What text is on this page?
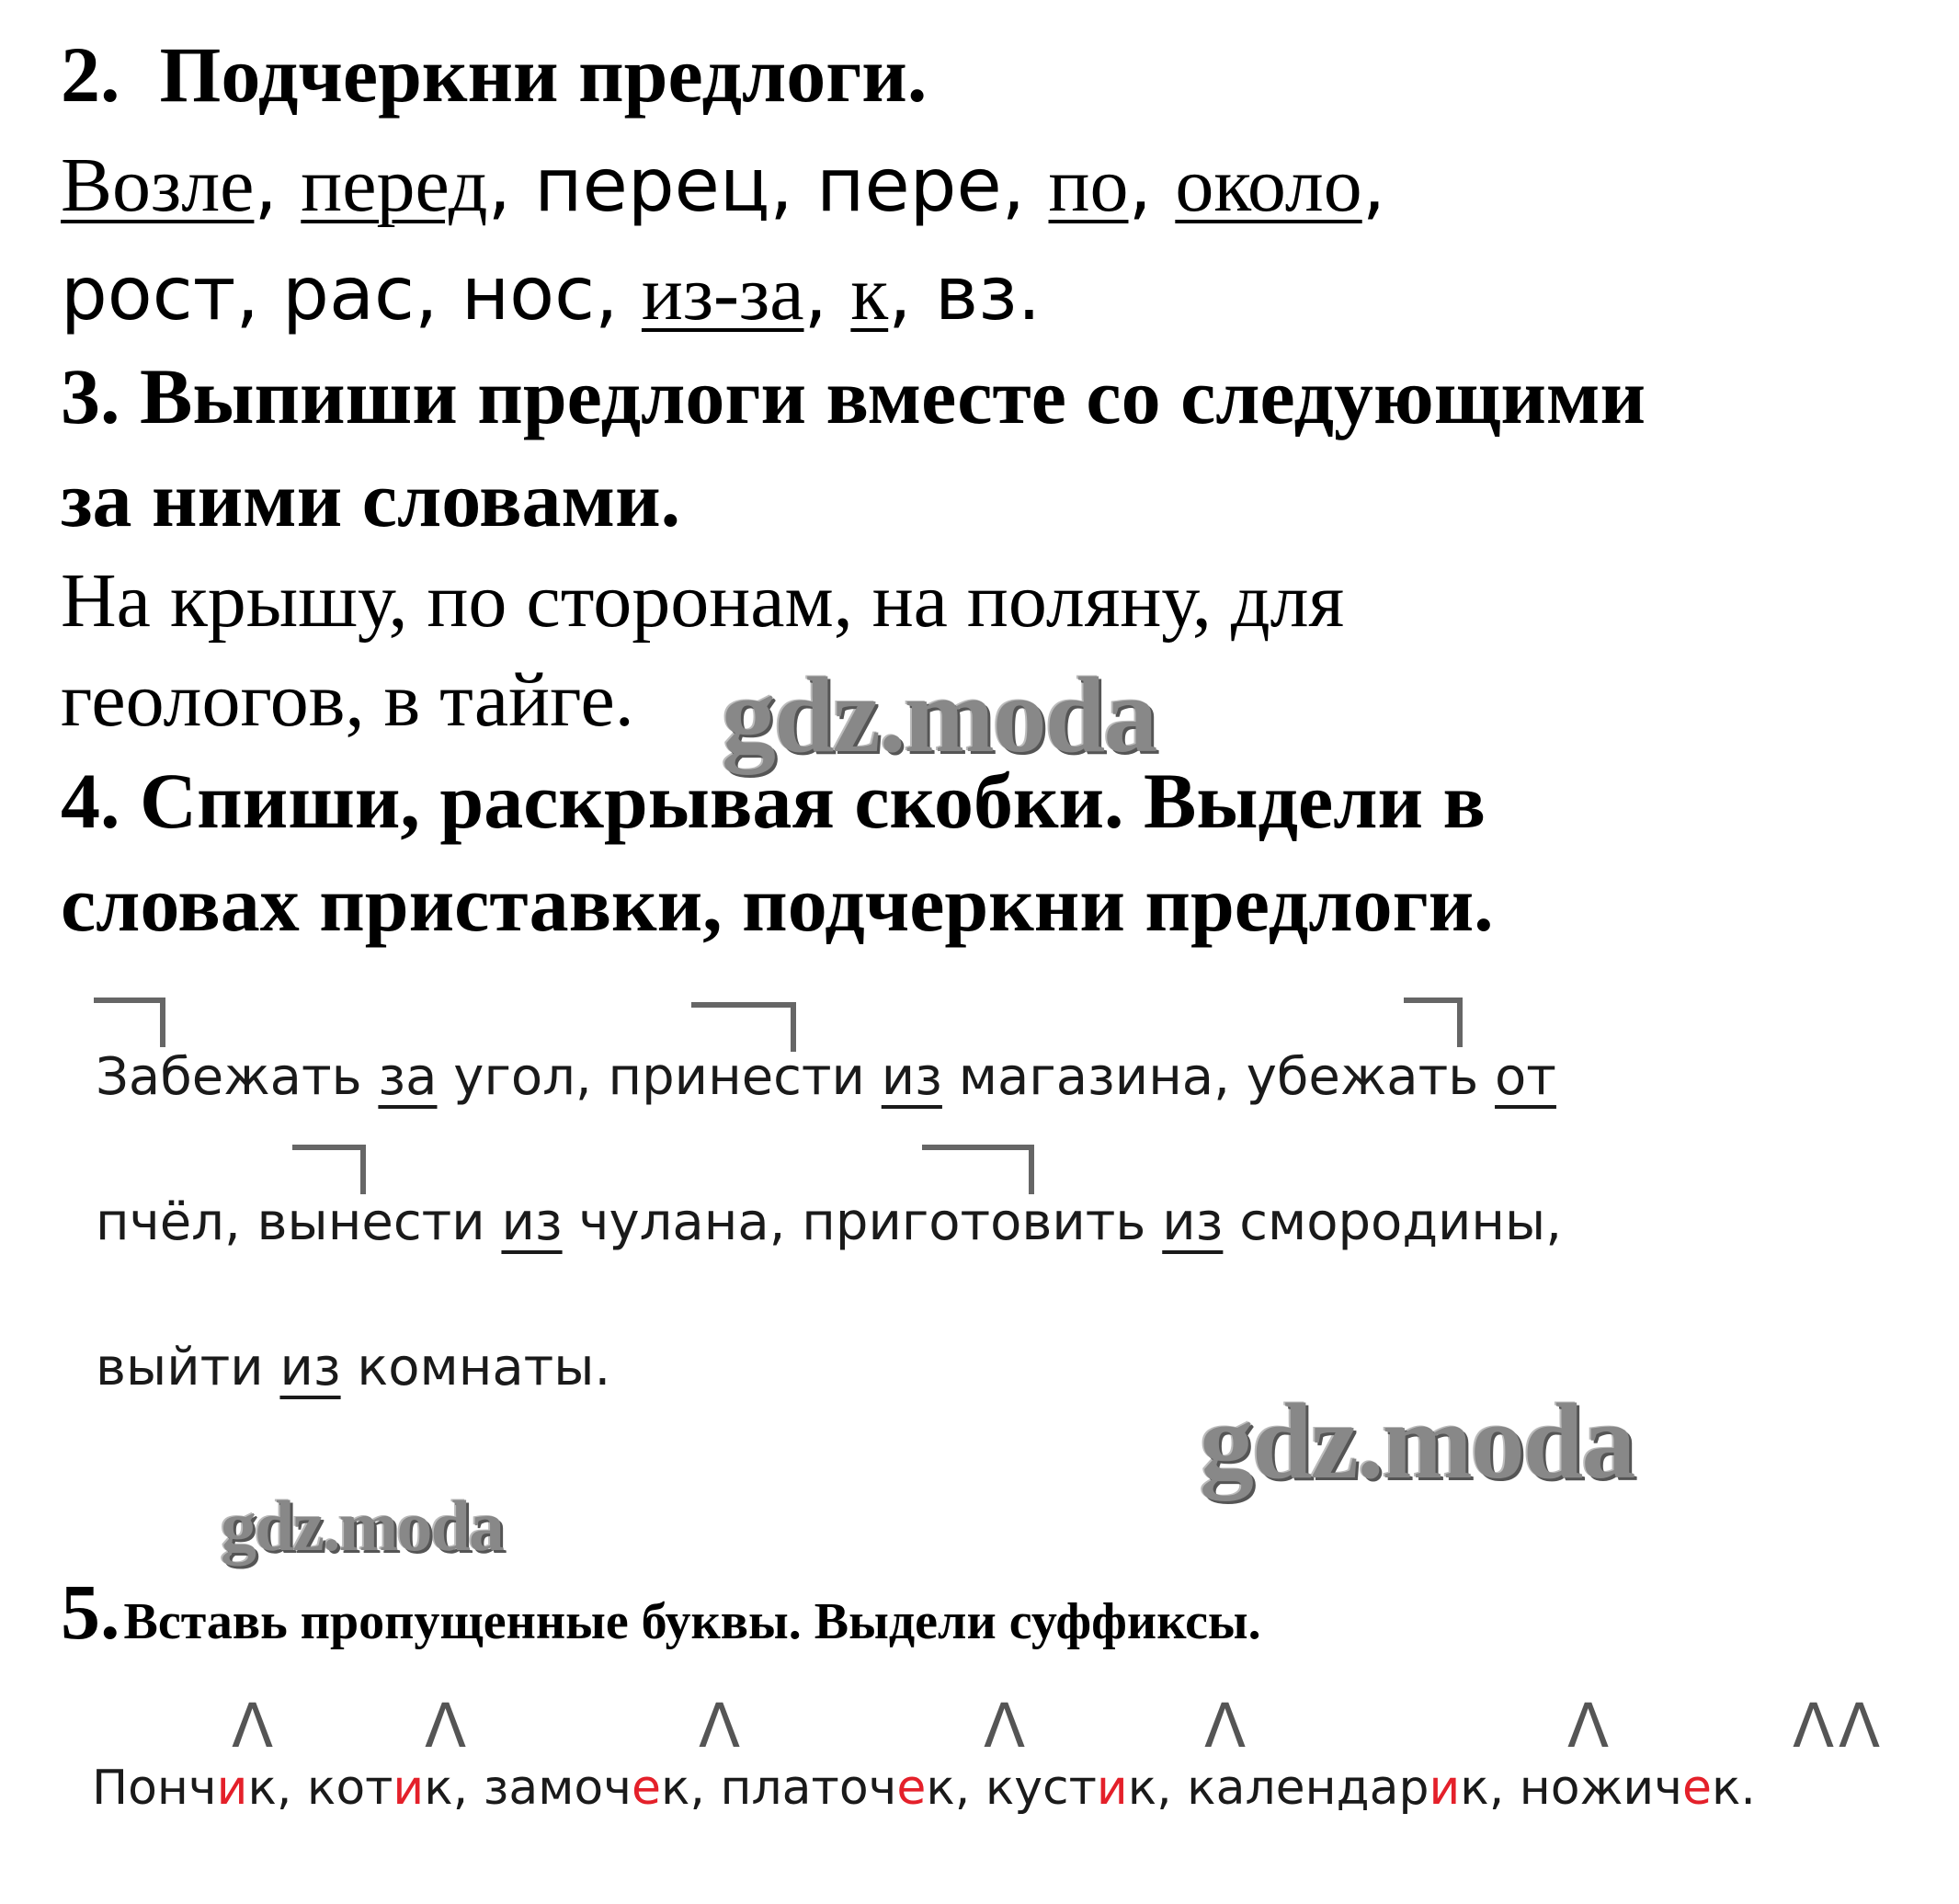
2. Подчеркни предлоги.
Возле, перед, перец, пере, по, около,
рост, рас, нос, из-за, к, вз.
3. Выпиши предлоги вместе со следующими
за ними словами.
На крышу, по сторонам, на поляну, для
геологов, в тайге. gdz.moda
4. Спиши, раскрывая скобки. Выдели в
словах приставки, подчеркни предлоги.
Забежать за угол, принести из магазина, убежать от
пчёл, вынести из чулана, приготовить из смородины,
выйти из комнаты.
gdz.moda
gdz.moda
5. Вставь пропущенные буквы. Выдели суффиксы.
Λ Λ	Λ	Λ	Λ	Λ	Λ Λ
Пончик, котик, замочек, платочек, кустик, календарик, ножичек.
